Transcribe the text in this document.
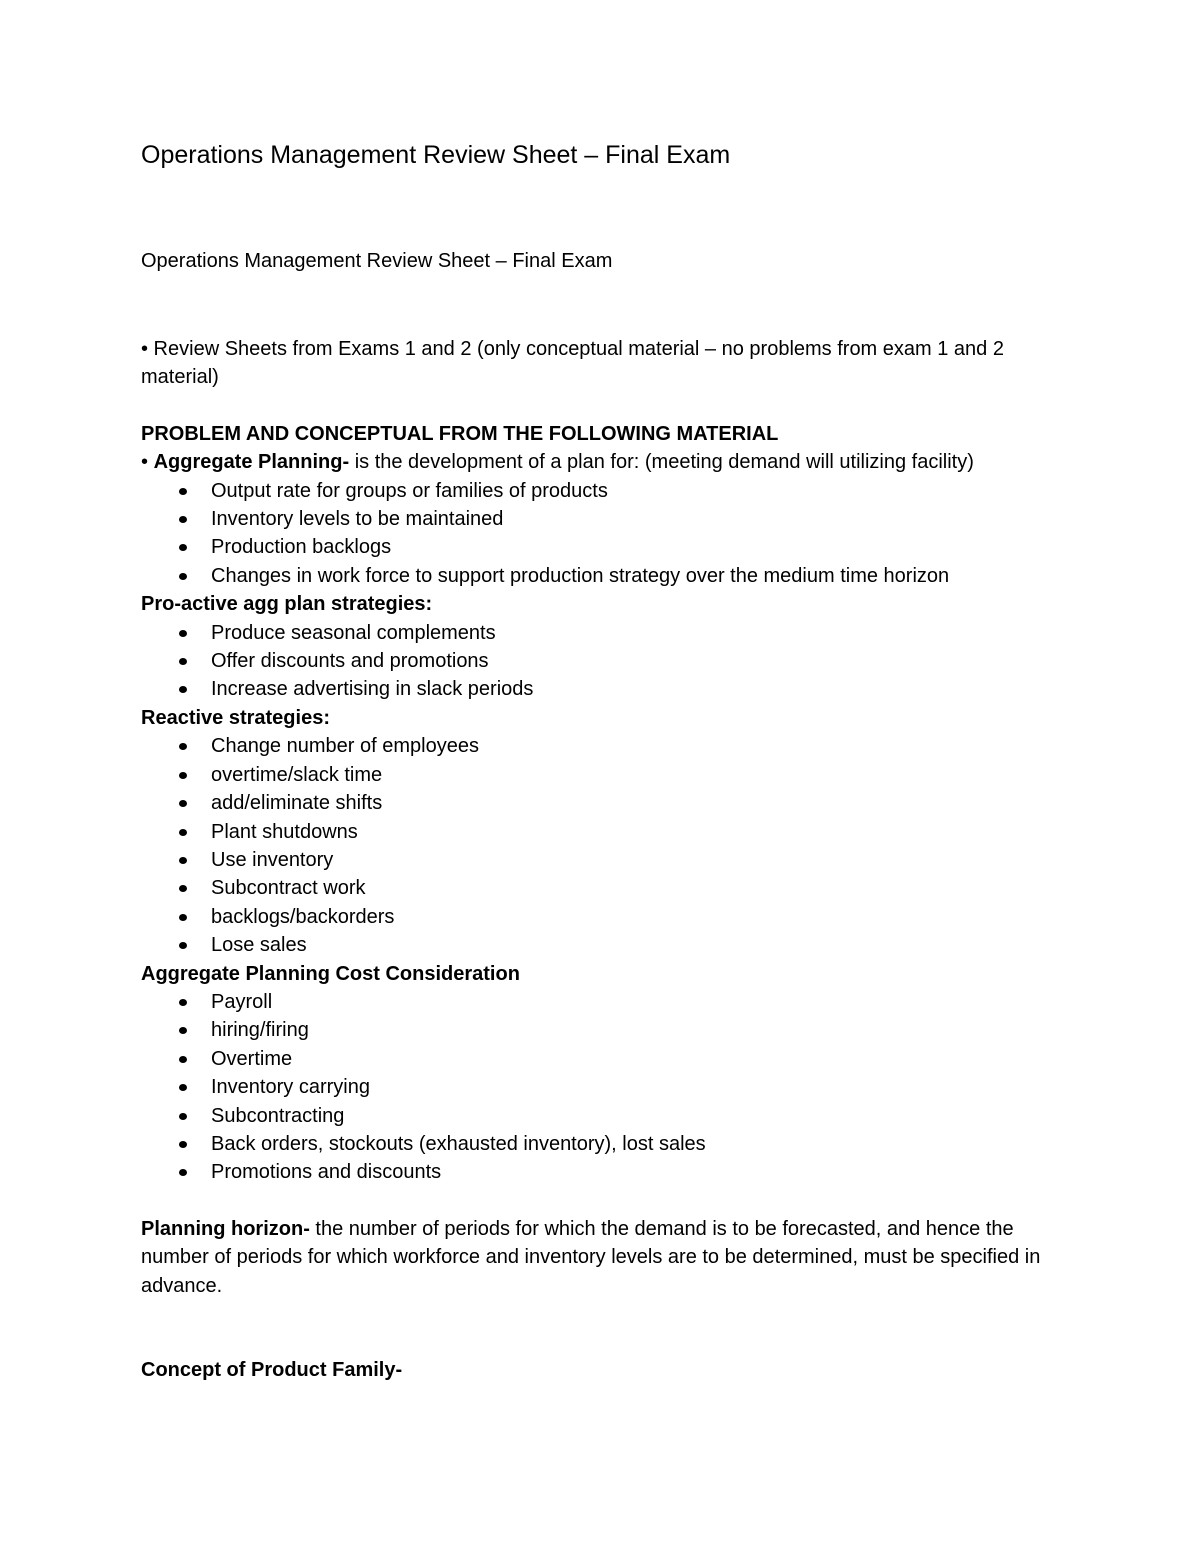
Operations Management Review Sheet – Final Exam
Operations Management Review Sheet – Final Exam

• Review Sheets from Exams 1 and 2 (only conceptual material – no problems from exam 1 and 2 material)

PROBLEM AND CONCEPTUAL FROM THE FOLLOWING MATERIAL

• Aggregate Planning- is the development of a plan for: (meeting demand will utilizing facility)

Output rate for groups or families of products
Inventory levels to be maintained
Production backlogs
Changes in work force to support production strategy over the medium time horizon

Pro-active agg plan strategies:

Produce seasonal complements
Offer discounts and promotions
Increase advertising in slack periods

Reactive strategies:

Change number of employees
overtime/slack time
add/eliminate shifts
Plant shutdowns
Use inventory
Subcontract work
backlogs/backorders
Lose sales

Aggregate Planning Cost Consideration

Payroll
hiring/firing
Overtime
Inventory carrying
Subcontracting
Back orders, stockouts (exhausted inventory), lost sales
Promotions and discounts

Planning horizon- the number of periods for which the demand is to be forecasted, and hence the number of periods for which workforce and inventory levels are to be determined, must be specified in advance.

Concept of Product Family-
